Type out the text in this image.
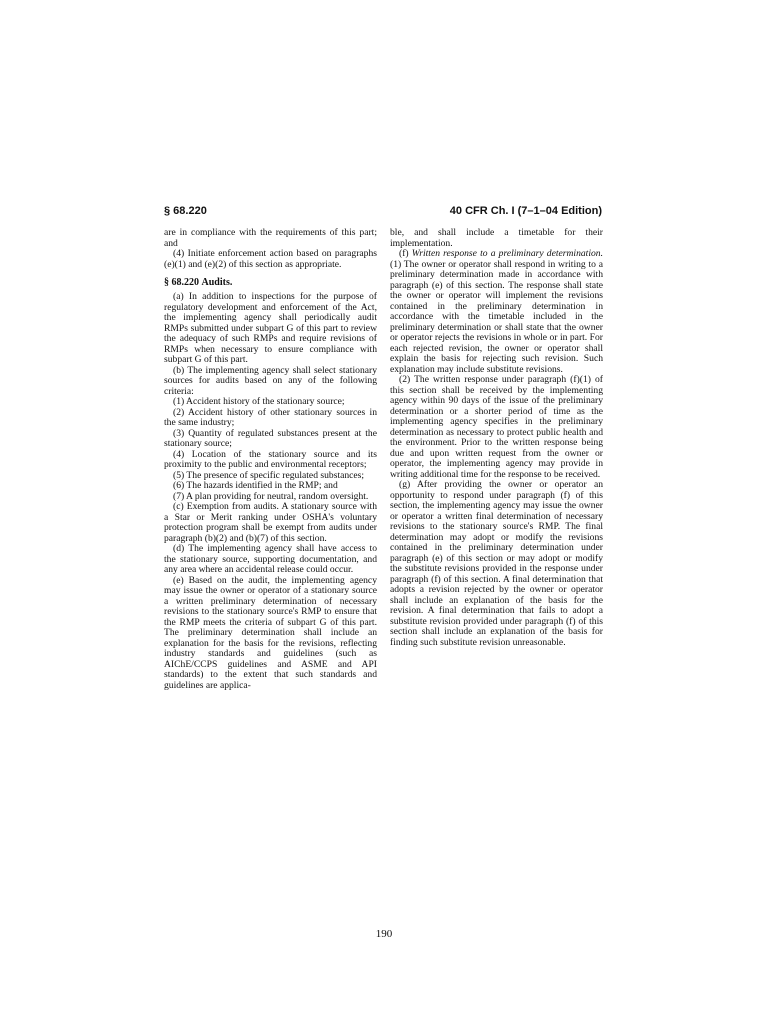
§ 68.220	40 CFR Ch. I (7–1–04 Edition)

are in compliance with the requirements of this part; and

(4) Initiate enforcement action based on paragraphs (e)(1) and (e)(2) of this section as appropriate.

§ 68.220 Audits.

(a) In addition to inspections for the purpose of regulatory development and enforcement of the Act, the implementing agency shall periodically audit RMPs submitted under subpart G of this part to review the adequacy of such RMPs and require revisions of RMPs when necessary to ensure compliance with subpart G of this part.

(b) The implementing agency shall select stationary sources for audits based on any of the following criteria:

(1) Accident history of the stationary source;

(2) Accident history of other stationary sources in the same industry;

(3) Quantity of regulated substances present at the stationary source;

(4) Location of the stationary source and its proximity to the public and environmental receptors;

(5) The presence of specific regulated substances;

(6) The hazards identified in the RMP; and

(7) A plan providing for neutral, random oversight.

(c) Exemption from audits. A stationary source with a Star or Merit ranking under OSHA's voluntary protection program shall be exempt from audits under paragraph (b)(2) and (b)(7) of this section.

(d) The implementing agency shall have access to the stationary source, supporting documentation, and any area where an accidental release could occur.

(e) Based on the audit, the implementing agency may issue the owner or operator of a stationary source a written preliminary determination of necessary revisions to the stationary source's RMP to ensure that the RMP meets the criteria of subpart G of this part. The preliminary determination shall include an explanation for the basis for the revisions, reflecting industry standards and guidelines (such as AIChE/CCPS guidelines and ASME and API standards) to the extent that such standards and guidelines are applica-

ble, and shall include a timetable for their implementation.

(f) Written response to a preliminary determination. (1) The owner or operator shall respond in writing to a preliminary determination made in accordance with paragraph (e) of this section. The response shall state the owner or operator will implement the revisions contained in the preliminary determination in accordance with the timetable included in the preliminary determination or shall state that the owner or operator rejects the revisions in whole or in part. For each rejected revision, the owner or operator shall explain the basis for rejecting such revision. Such explanation may include substitute revisions.

(2) The written response under paragraph (f)(1) of this section shall be received by the implementing agency within 90 days of the issue of the preliminary determination or a shorter period of time as the implementing agency specifies in the preliminary determination as necessary to protect public health and the environment. Prior to the written response being due and upon written request from the owner or operator, the implementing agency may provide in writing additional time for the response to be received.

(g) After providing the owner or operator an opportunity to respond under paragraph (f) of this section, the implementing agency may issue the owner or operator a written final determination of necessary revisions to the stationary source's RMP. The final determination may adopt or modify the revisions contained in the preliminary determination under paragraph (e) of this section or may adopt or modify the substitute revisions provided in the response under paragraph (f) of this section. A final determination that adopts a revision rejected by the owner or operator shall include an explanation of the basis for the revision. A final determination that fails to adopt a substitute revision provided under paragraph (f) of this section shall include an explanation of the basis for finding such substitute revision unreasonable.

190
